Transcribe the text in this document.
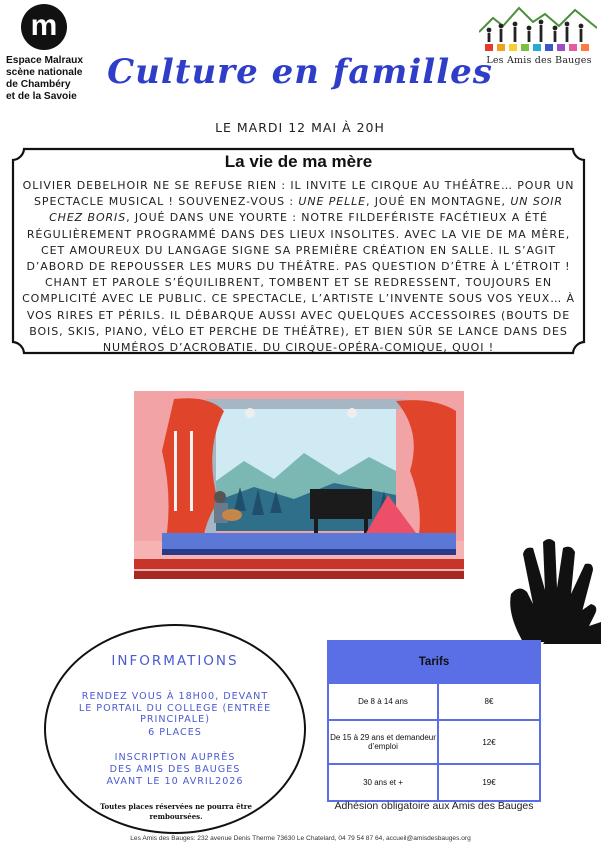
m
Espace Malraux
scène nationale
de Chambéry
et de la Savoie
Les Amis des Bauges
Culture en familles
LE MARDI 12 MAI À 20H
La vie de ma mère

OLIVIER DEBELHOIR NE SE REFUSE RIEN : IL INVITE LE CIRQUE AU THÉÂTRE… POUR UN SPECTACLE MUSICAL ! SOUVENEZ-VOUS : UNE PELLE, JOUÉ EN MONTAGNE, UN SOIR CHEZ BORIS, JOUÉ DANS UNE YOURTE : NOTRE FILDEFÉRISTЕ FACÉTIEUX A ÉTÉ RÉGULIÈREMENT PROGRAMMÉ DANS DES LIEUX INSOLITES. AVEC LA VIE DE MA MÈRE, CET AMOUREUX DU LANGAGE SIGNE SA PREMIÈRE CRÉATION EN SALLE. IL S’AGIT D’ABORD DE REPOUSSER LES MURS DU THÉÂTRE. PAS QUESTION D’ÊTRE À L’ÉTROIT ! CHANT ET PAROLE S’ÉQUILIBRENT, TOMBENT ET SE REDRESSENT, TOUJOURS EN COMPLICITÉ AVEC LE PUBLIC. CE SPECTACLE, L’ARTISTE L’INVENTE SOUS VOS YEUX… À VOS RIRES ET PÉRILS. IL DÉBARQUE AUSSI AVEC QUELQUES ACCESSOIRES (BOUTS DE BOIS, SKIS, PIANO, VÉLO ET PERCHE DE THÉÂTRE), ET BIEN SÛR SE LANCE DANS DES NUMÉROS D’ACROBATIE. DU CIRQUE-OPÉRA-COMIQUE, QUOI !

INFORMATIONS
RENDEZ VOUS À 18H00, DEVANT
LE PORTAIL DU COLLEGE (ENTRÉE PRINCIPALE)
6 PLACES
INSCRIPTION AUPRÈS
DES AMIS DES BAUGES
AVANT LE 10 AVRIL2026
Toutes places réservées ne pourra être
remboursées.
Tarifs	
De 8 à 14 ans	8€
De 15 à 29 ans et demandeur d’emploi	12€
30 ans et +	19€
Adhésion obligatoire aux Amis des Bauges
Les Amis des Bauges: 232 avenue Denis Therme 73630 Le Chatelard, 04 79 54 87 64, accueil@amisdesbauges.org
